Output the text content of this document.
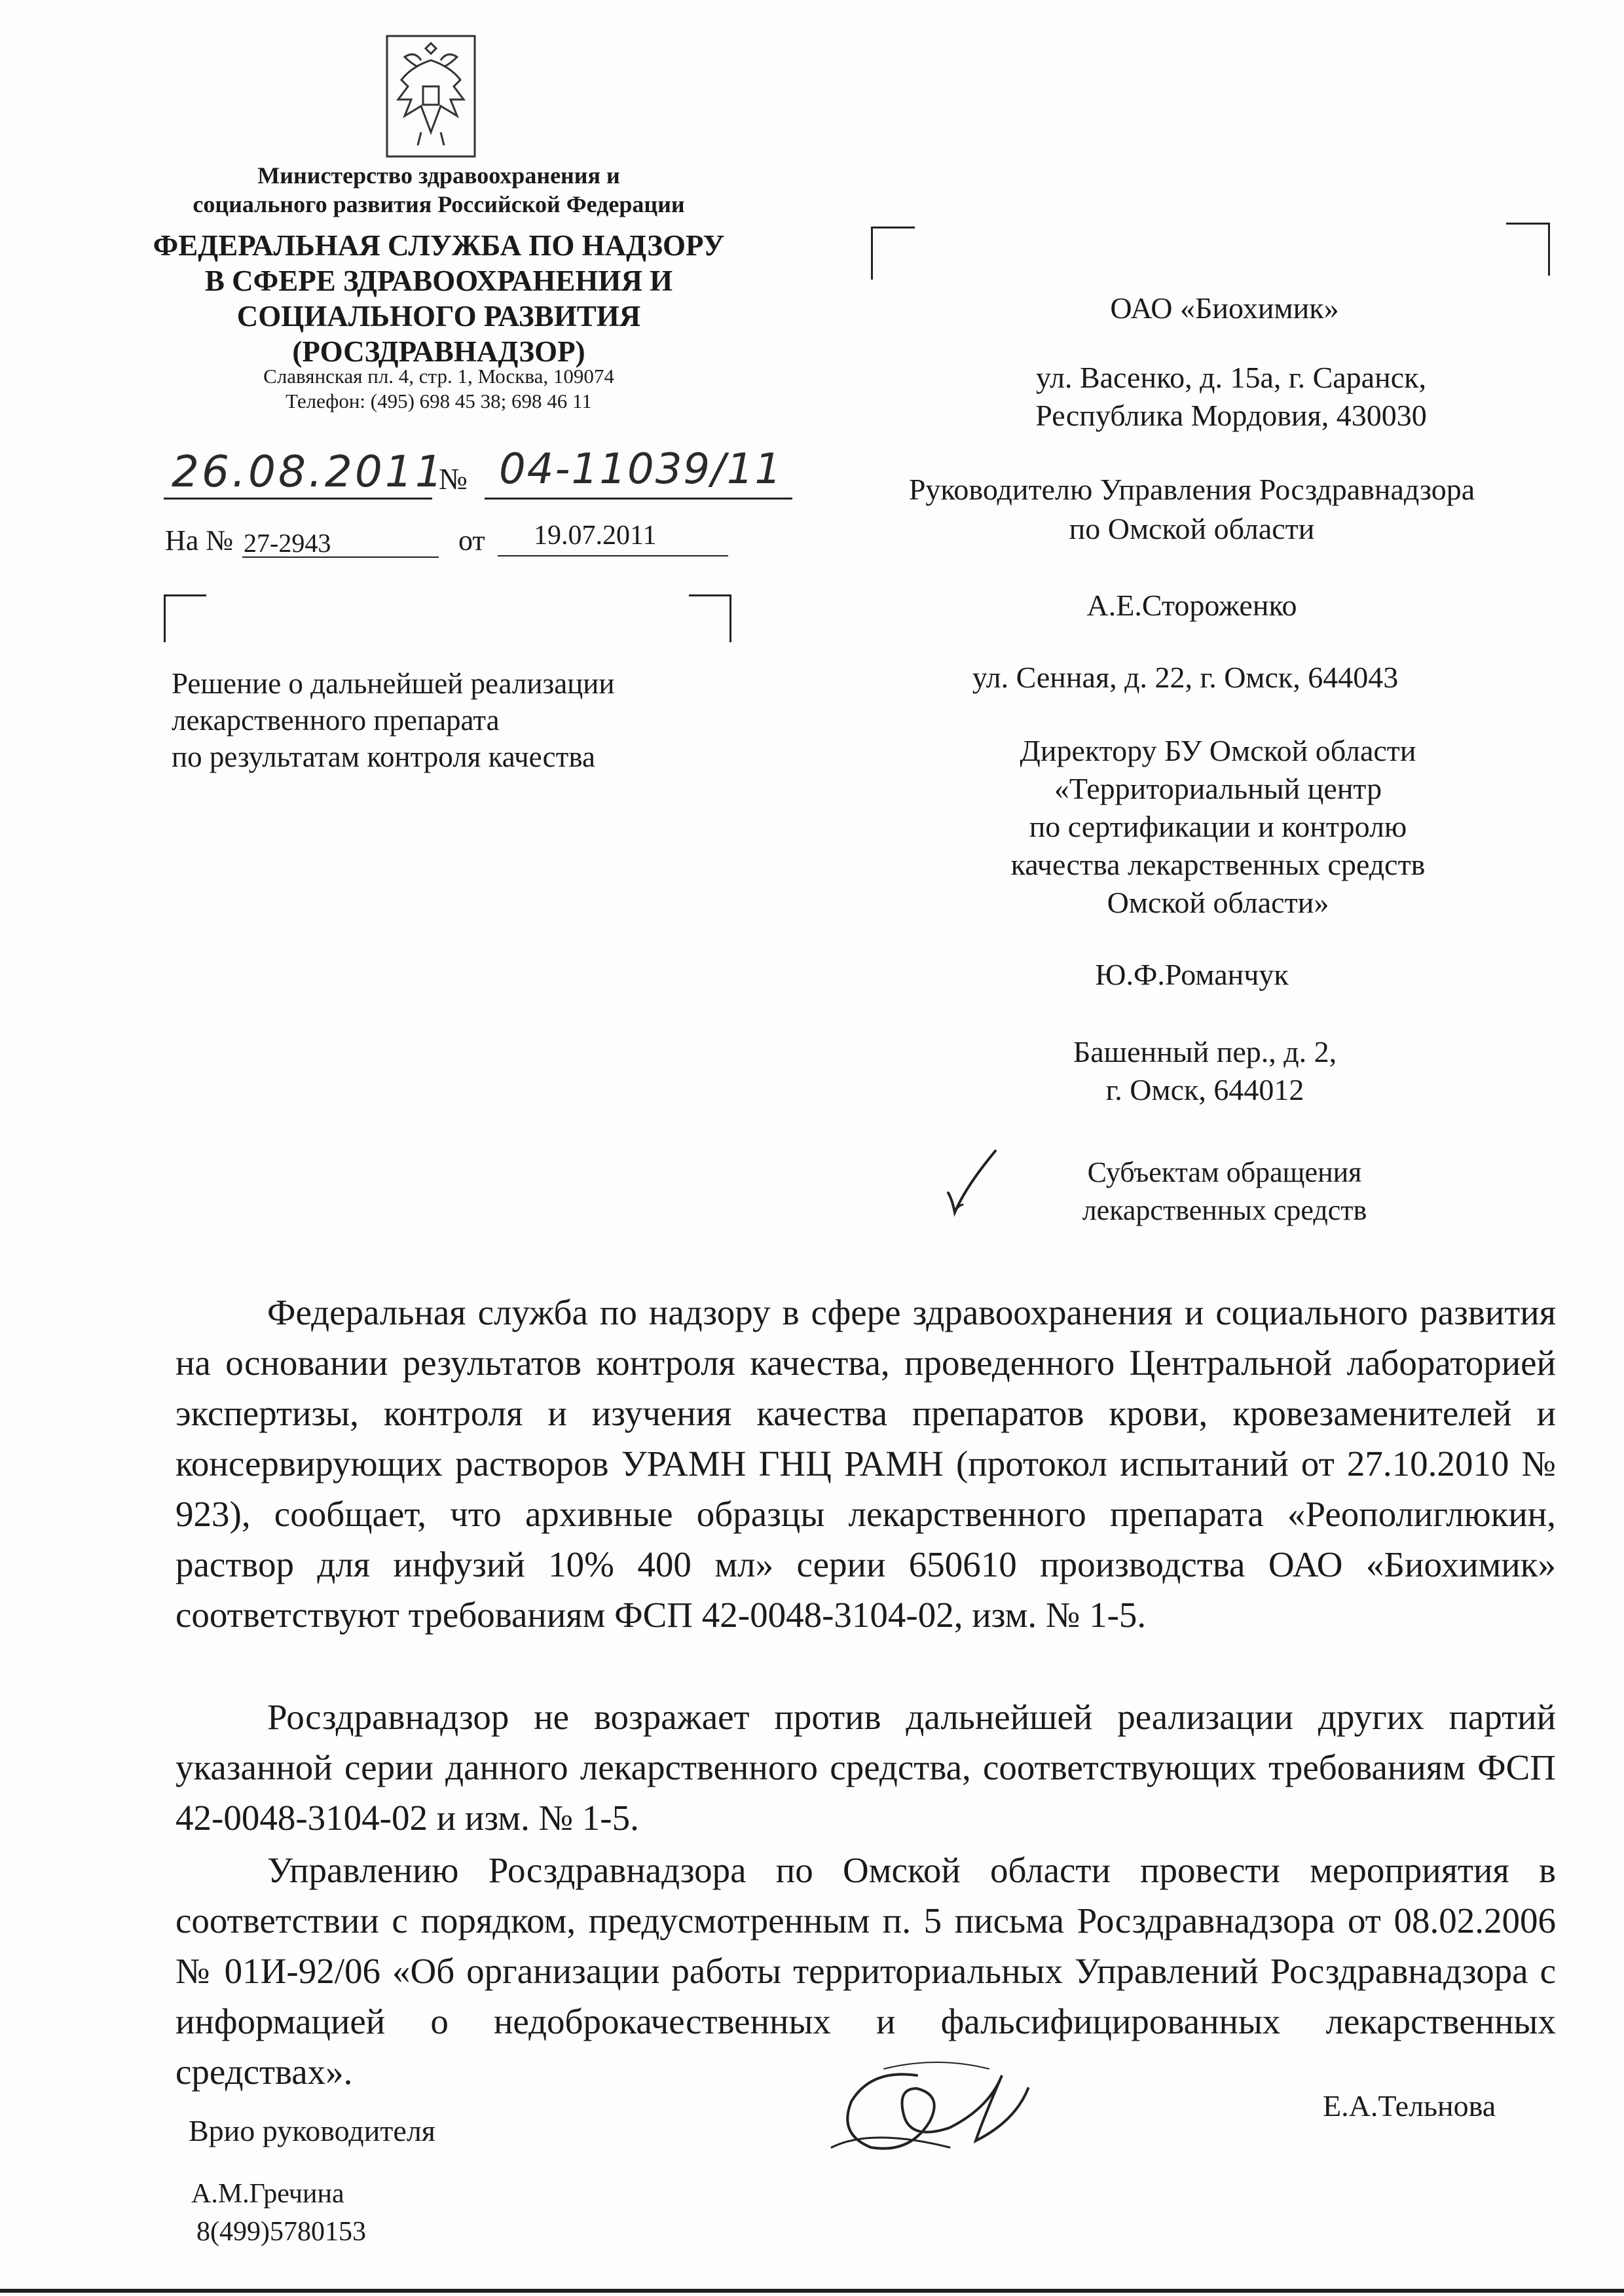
Министерство здравоохранения и
социального развития Российской Федерации
ФЕДЕРАЛЬНАЯ СЛУЖБА ПО НАДЗОРУ
В СФЕРЕ ЗДРАВООХРАНЕНИЯ И
СОЦИАЛЬНОГО РАЗВИТИЯ
(РОСЗДРАВНАДЗОР)
Славянская пл. 4, стр. 1, Москва, 109074
Телефон: (495) 698 45 38; 698 46 11
26.08.2011
№ 04-11039/11
На № 27-2943	от 19.07.2011
Решение о дальнейшей реализации
лекарственного препарата
по результатам контроля качества
ОАО «Биохимик»
ул. Васенко, д. 15а, г. Саранск,
Республика Мордовия, 430030
Руководителю Управления Росздравнадзора
по Омской области
А.Е.Стороженко
ул. Сенная, д. 22, г. Омск, 644043
Директору БУ Омской области
«Территориальный центр
по сертификации и контролю
качества лекарственных средств
Омской области»
Ю.Ф.Романчук
Башенный пер., д. 2,
г. Омск, 644012
Субъектам обращения
лекарственных средств
Федеральная служба по надзору в сфере здравоохранения и социального развития на основании результатов контроля качества, проведенного Центральной лабораторией экспертизы, контроля и изучения качества препаратов крови, кровезаменителей и консервирующих растворов УРАМН ГНЦ РАМН (протокол испытаний от 27.10.2010 № 923), сообщает, что архивные образцы лекарственного препарата «Реополиглюкин, раствор для инфузий 10% 400 мл» серии 650610 производства ОАО «Биохимик» соответствуют требованиям ФСП 42-0048-3104-02, изм. № 1-5.
Росздравнадзор не возражает против дальнейшей реализации других партий указанной серии данного лекарственного средства, соответствующих требованиям ФСП 42-0048-3104-02 и изм. № 1-5.
Управлению Росздравнадзора по Омской области провести мероприятия в соответствии с порядком, предусмотренным п. 5 письма Росздравнадзора от 08.02.2006 № 01И-92/06 «Об организации работы территориальных Управлений Росздравнадзора с информацией о недоброкачественных и фальсифицированных лекарственных средствах».
Врио руководителя
Е.А.Тельнова
А.М.Гречина
8(499)5780153
